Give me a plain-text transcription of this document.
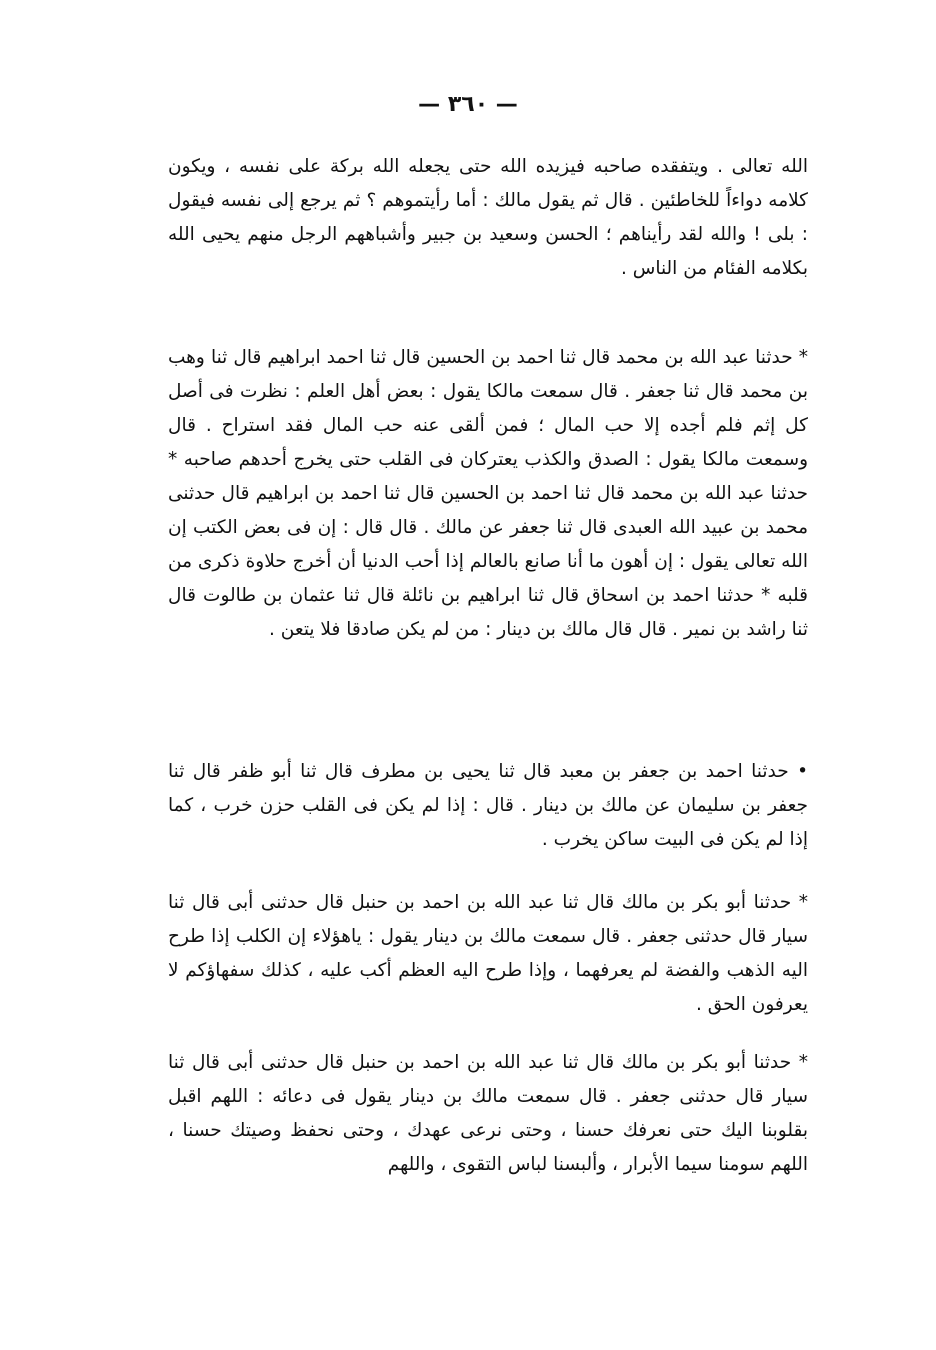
— ٣٦٠ —

الله تعالى . ويتفقده صاحبه فيزيده الله حتى يجعله الله بركة على نفسه ، ويكون كلامه دواءاً للخاطئين . قال ثم يقول مالك : أما رأيتموهم ؟ ثم يرجع إلى نفسه فيقول : بلى ! والله لقد رأيناهم ؛ الحسن وسعيد بن جبير وأشباههم الرجل منهم يحيى الله بكلامه الفئام من الناس .

* حدثنا عبد الله بن محمد قال ثنا احمد بن الحسين قال ثنا احمد ابراهيم قال ثنا وهب بن محمد قال ثنا جعفر . قال سمعت مالكا يقول : بعض أهل العلم : نظرت فى أصل كل إثم فلم أجده إلا حب المال ؛ فمن ألقى عنه حب المال فقد استراح . قال وسمعت مالكا يقول : الصدق والكذب يعتركان فى القلب حتى يخرج أحدهم صاحبه * حدثنا عبد الله بن محمد قال ثنا احمد بن الحسين قال ثنا احمد بن ابراهيم قال حدثنى محمد بن عبيد الله العبدى قال ثنا جعفر عن مالك . قال قال : إن فى بعض الكتب إن الله تعالى يقول : إن أهون ما أنا صانع بالعالم إذا أحب الدنيا أن أخرج حلاوة ذكرى من قلبه * حدثنا احمد بن اسحاق قال ثنا ابراهيم بن نائلة قال ثنا عثمان بن طالوت قال ثنا راشد بن نمير . قال قال مالك بن دينار : من لم يكن صادقا فلا يتعن .

• حدثنا احمد بن جعفر بن معبد قال ثنا يحيى بن مطرف قال ثنا أبو ظفر قال ثنا جعفر بن سليمان عن مالك بن دينار . قال : إذا لم يكن فى القلب حزن خرب ، كما إذا لم يكن فى البيت ساكن يخرب .

* حدثنا أبو بكر بن مالك قال ثنا عبد الله بن احمد بن حنبل قال حدثنى أبى قال ثنا سيار قال حدثنى جعفر . قال سمعت مالك بن دينار يقول : ياهؤلاء إن الكلب إذا طرح اليه الذهب والفضة لم يعرفهما ، وإذا طرح اليه العظم أكب عليه ، كذلك سفهاؤكم لا يعرفون الحق .

* حدثنا أبو بكر بن مالك قال ثنا عبد الله بن احمد بن حنبل قال حدثنى أبى قال ثنا سيار قال حدثنى جعفر . قال سمعت مالك بن دينار يقول فى دعائه : اللهم اقبل بقلوبنا اليك حتى نعرفك حسنا ، وحتى نرعى عهدك ، وحتى نحفظ وصيتك حسنا ، اللهم سومنا سيما الأبرار ، وألبسنا لباس التقوى ، واللهم
